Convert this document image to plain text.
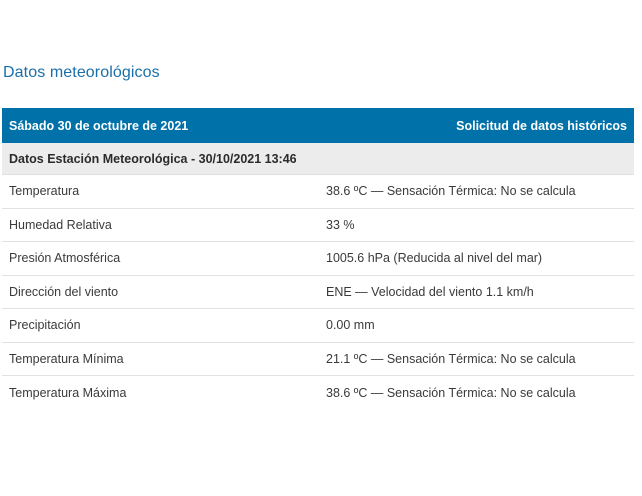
Datos meteorológicos
Sábado 30 de octubre de 2021	Solicitud de datos históricos
Datos Estación Meteorológica - 30/10/2021 13:46
Temperatura	38.6 ºC — Sensación Térmica: No se calcula
Humedad Relativa	33 %
Presión Atmosférica	1005.6 hPa (Reducida al nivel del mar)
Dirección del viento	ENE — Velocidad del viento 1.1 km/h
Precipitación	0.00 mm
Temperatura Mínima	21.1 ºC — Sensación Térmica: No se calcula
Temperatura Máxima	38.6 ºC — Sensación Térmica: No se calcula
